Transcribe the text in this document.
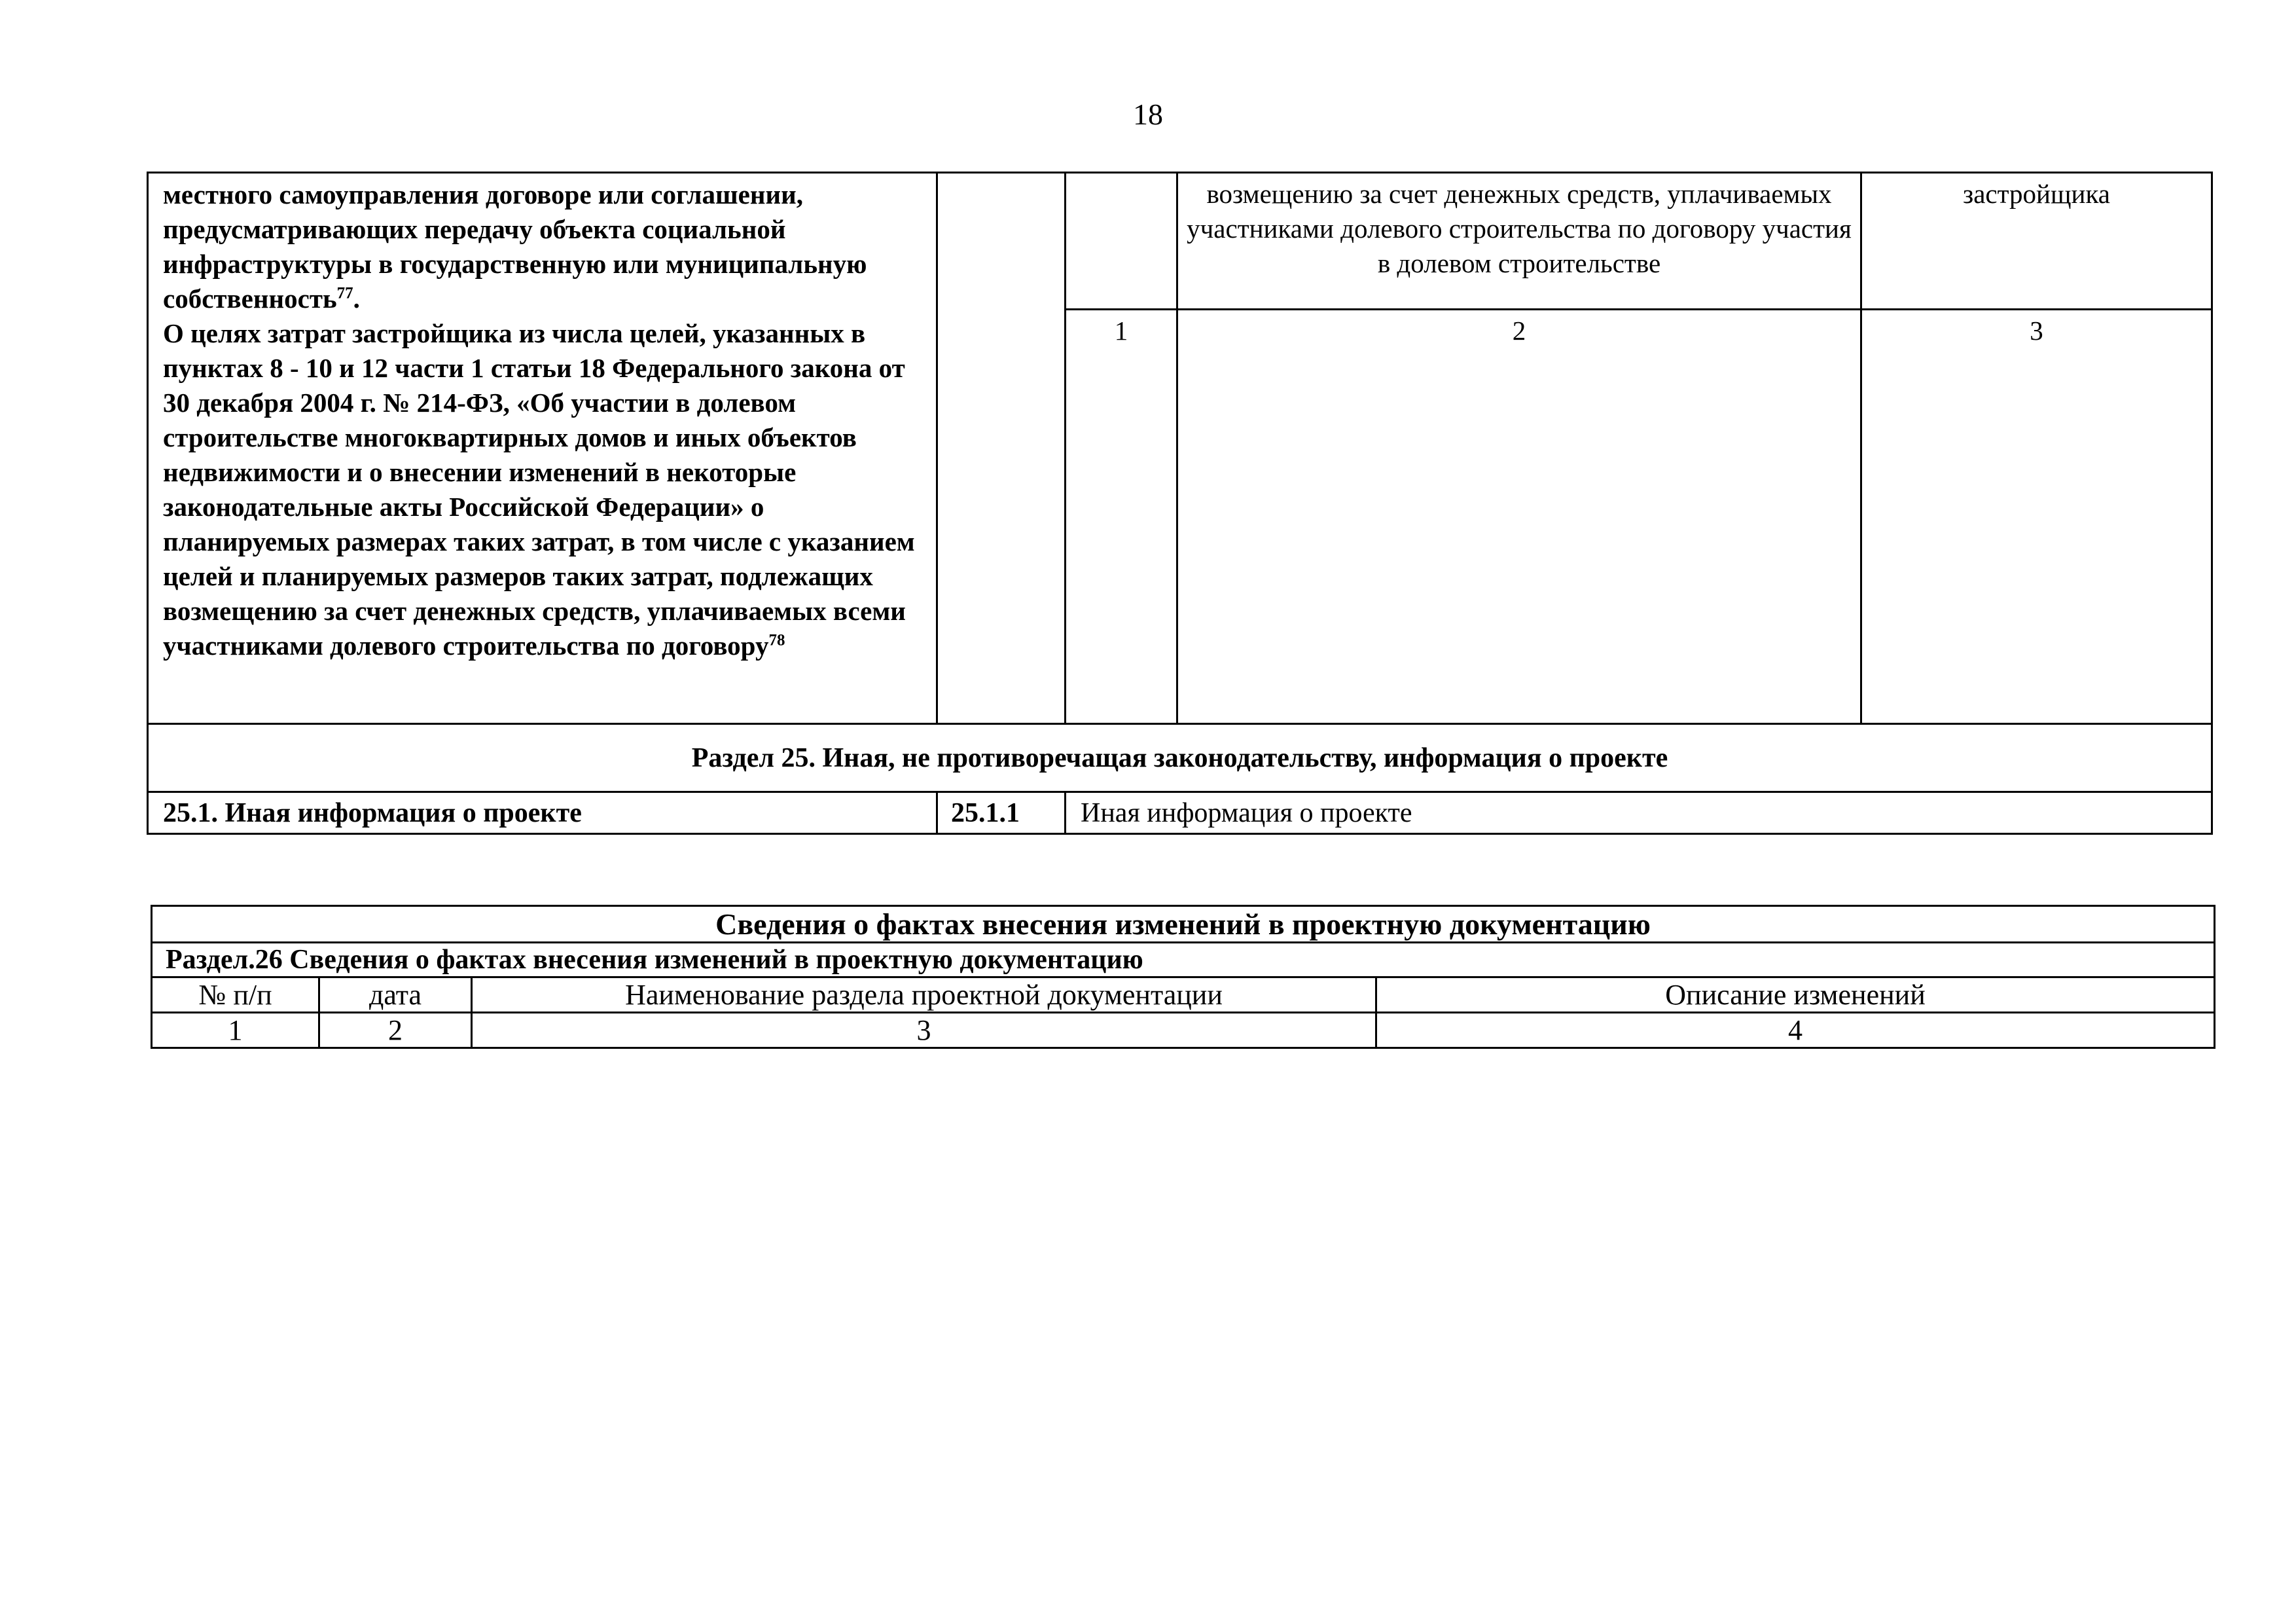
18
местного самоуправления договоре или соглашении, предусматривающих передачу объекта социальной инфраструктуры в государственную или муниципальную собственность$^{77}$.
О целях затрат застройщика из числа целей, указанных в пунктах 8 - 10 и 12 части 1 статьи 18 Федерального закона от 30 декабря 2004 г. № 214-ФЗ, «Об участии в долевом строительстве многоквартирных домов и иных объектов недвижимости и о внесении изменений в некоторые законодательные акты Российской Федерации» о планируемых размерах таких затрат, в том числе с указанием целей и планируемых размеров таких затрат, подлежащих возмещению за счет денежных средств, уплачиваемых всеми участниками долевого строительства по договору$^{78}$			возмещению за счет денежных средств, уплачиваемых участниками долевого строительства по договору участия в долевом строительстве	застройщика
		1	2	3
Раздел 25. Иная, не противоречащая законодательству, информация о проекте				
25.1. Иная информация о проекте	25.1.1	Иная информация о проекте		
Сведения о фактах внесения изменений в проектную документацию			
Раздел.26 Сведения о фактах внесения изменений в проектную документацию			
№ п/п	дата	Наименование раздела проектной документации	Описание изменений
1	2	3	4
